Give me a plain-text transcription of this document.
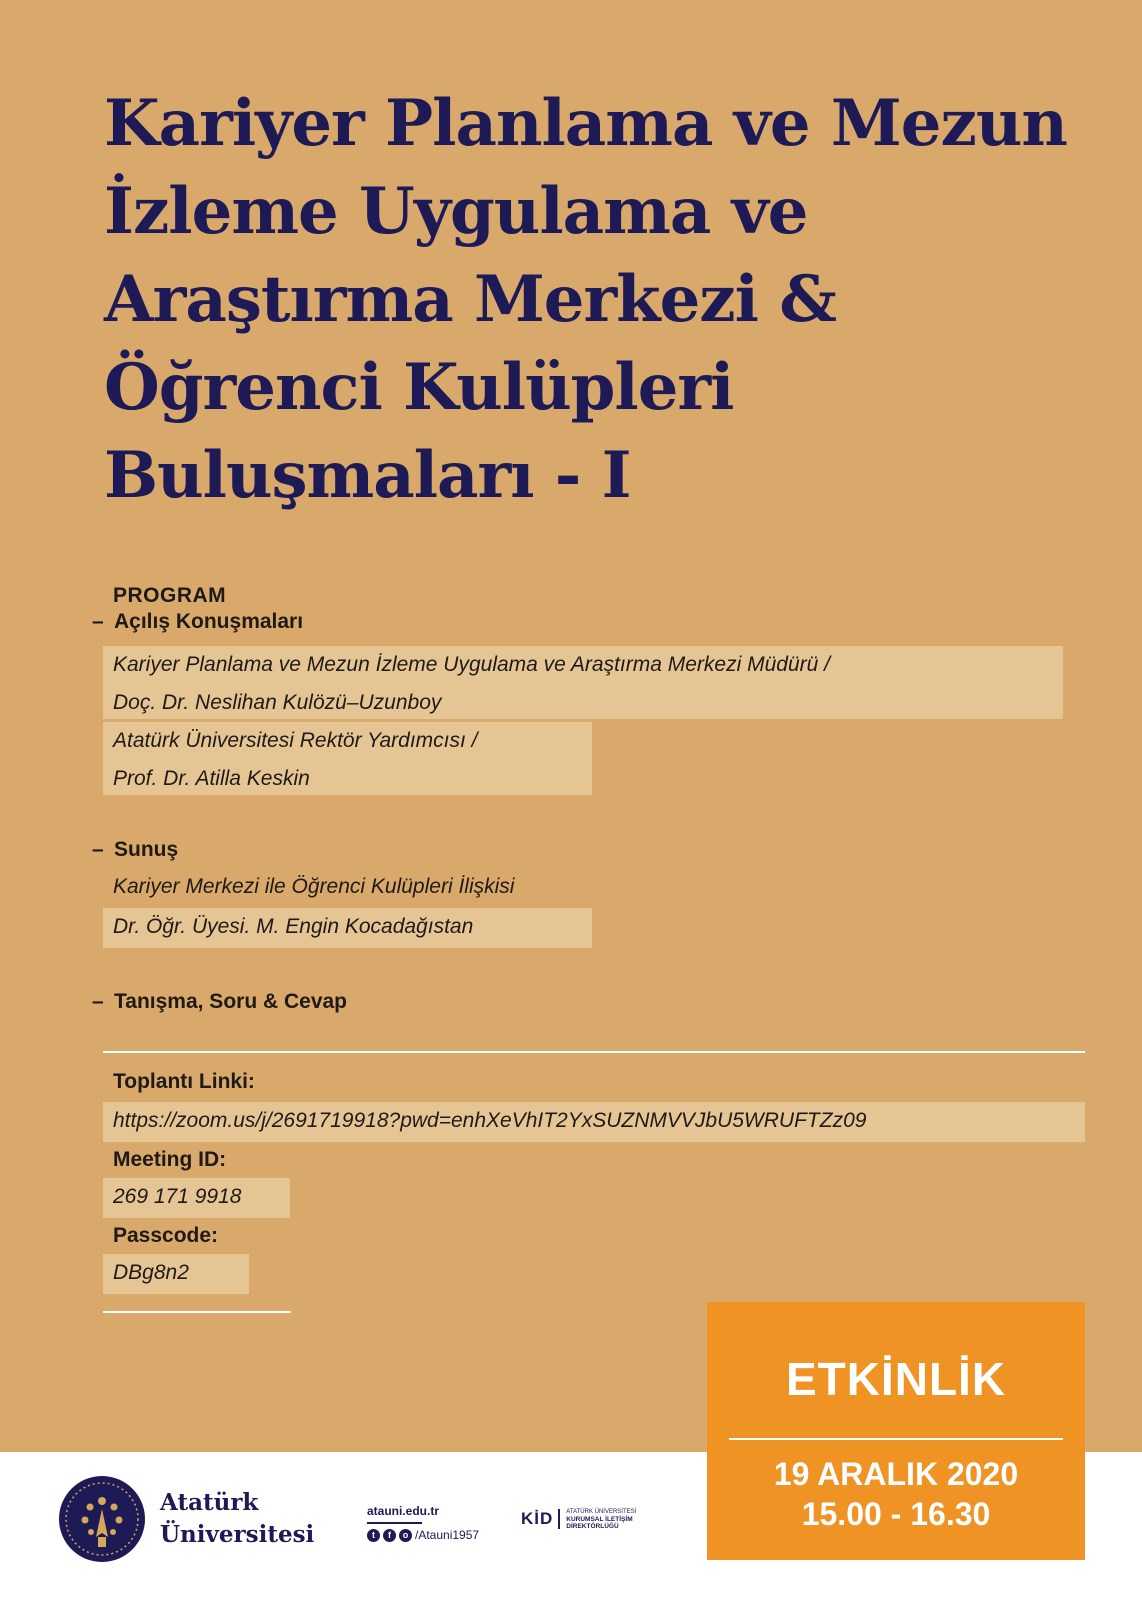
Kariyer Planlama ve Mezun
İzleme Uygulama ve
Araştırma Merkezi &
Öğrenci Kulüpleri
Buluşmaları - I
PROGRAM
– Açılış Konuşmaları
Kariyer Planlama ve Mezun İzleme Uygulama ve Araştırma Merkezi Müdürü /
Doç. Dr. Neslihan Kulözü–Uzunboy
Atatürk Üniversitesi Rektör Yardımcısı /
Prof. Dr. Atilla Keskin
– Sunuş
Kariyer Merkezi ile Öğrenci Kulüpleri İlişkisi
Dr. Öğr. Üyesi. M. Engin Kocadağıstan
– Tanışma, Soru & Cevap
Toplantı Linki:
https://zoom.us/j/2691719918?pwd=enhXeVhIT2YxSUZNMVVJbU5WRUFTZz09
Meeting ID:
269 171 9918
Passcode:
DBg8n2
Atatürk
Üniversitesi
atauni.edu.tr
t	f	o /Atauni1957
KİD	ATATÜRK ÜNİVERSİTESİ
KURUMSAL İLETİŞİM DİREKTÖRLÜĞÜ
ETKİNLİK
19 ARALIK 2020
15.00 - 16.30
